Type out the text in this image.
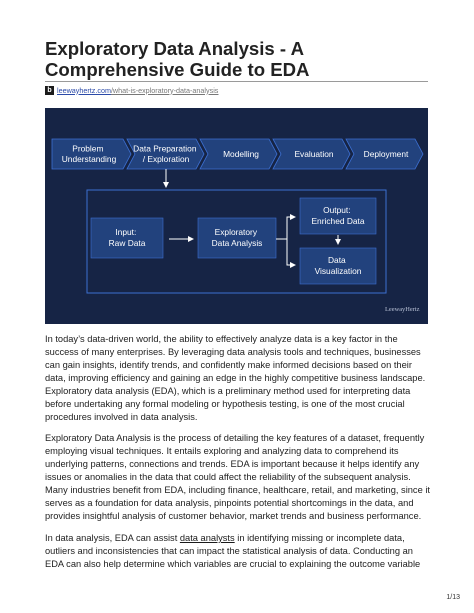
Exploratory Data Analysis - A Comprehensive Guide to EDA
b leewayhertz.com/what-is-exploratory-data-analysis
Problem Understanding
Data Preparation / Exploration	Modelling	Evaluation	Deployment
Input: Raw Data
Exploratory Data Analysis
Output: Enriched Data
Data Visualization
LeewayHertz

In today’s data-driven world, the ability to effectively analyze data is a key factor in the success of many enterprises. By leveraging data analysis tools and techniques, businesses can gain insights, identify trends, and confidently make informed decisions based on their data, improving efficiency and gaining an edge in the highly competitive business landscape. Exploratory data analysis (EDA), which is a preliminary method used for interpreting data before undertaking any formal modeling or hypothesis testing, is one of the most crucial procedures involved in data analysis.

Exploratory Data Analysis is the process of detailing the key features of a dataset, frequently employing visual techniques. It entails exploring and analyzing data to comprehend its underlying patterns, connections and trends. EDA is important because it helps identify any issues or anomalies in the data that could affect the reliability of the subsequent analysis. Many industries benefit from EDA, including finance, healthcare, retail, and marketing, since it serves as a foundation for data analysis, pinpoints potential shortcomings in the data, and provides insightful analysis of customer behavior, market trends and business performance.

In data analysis, EDA can assist data analysts in identifying missing or incomplete data, outliers and inconsistencies that can impact the statistical analysis of data. Conducting an EDA can also help determine which variables are crucial to explaining the outcome variable

1/13
